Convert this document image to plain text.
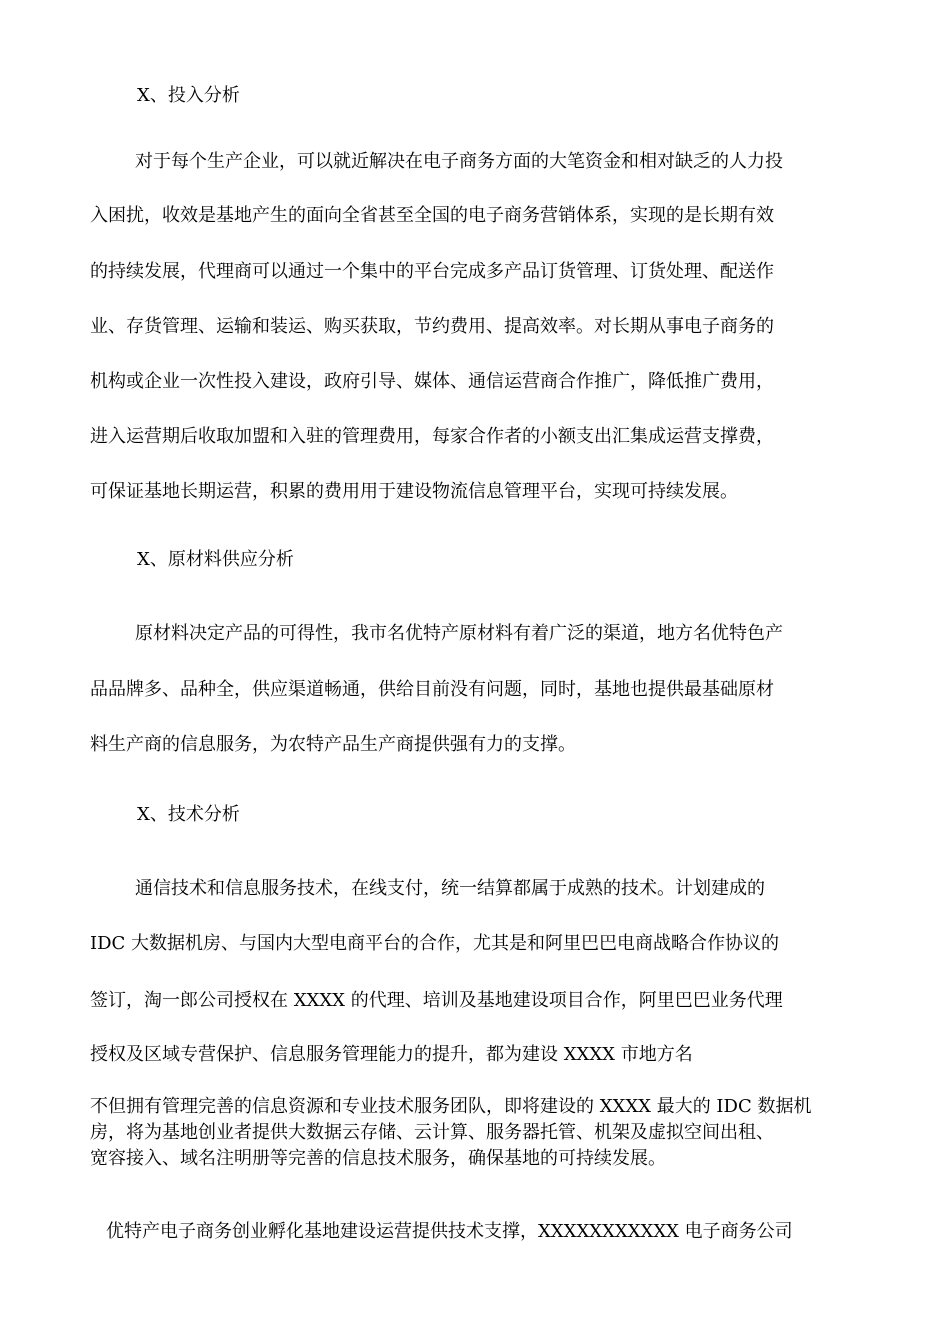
X、投入分析

对于每个生产企业，可以就近解决在电子商务方面的大笔资金和相对缺乏的人力投

入困扰，收效是基地产生的面向全省甚至全国的电子商务营销体系，实现的是长期有效

的持续发展，代理商可以通过一个集中的平台完成多产品订货管理、订货处理、配送作

业、存货管理、运输和装运、购买获取，节约费用、提高效率。对长期从事电子商务的

机构或企业一次性投入建设，政府引导、媒体、通信运营商合作推广，降低推广费用，

进入运营期后收取加盟和入驻的管理费用，每家合作者的小额支出汇集成运营支撑费，

可保证基地长期运营，积累的费用用于建设物流信息管理平台，实现可持续发展。

X、原材料供应分析

原材料决定产品的可得性，我市名优特产原材料有着广泛的渠道，地方名优特色产

品品牌多、品种全，供应渠道畅通，供给目前没有问题，同时，基地也提供最基础原材

料生产商的信息服务，为农特产品生产商提供强有力的支撑。

X、技术分析

通信技术和信息服务技术，在线支付，统一结算都属于成熟的技术。计划建成的

IDC 大数据机房、与国内大型电商平台的合作，尤其是和阿里巴巴电商战略合作协议的

签订，淘一郎公司授权在 XXXX 的代理、培训及基地建设项目合作，阿里巴巴业务代理

授权及区域专营保护、信息服务管理能力的提升，都为建设 XXXX 市地方名

不但拥有管理完善的信息资源和专业技术服务团队，即将建设的 XXXX 最大的 IDC 数据机

房，将为基地创业者提供大数据云存储、云计算、服务器托管、机架及虚拟空间出租、

宽容接入、域名注明册等完善的信息技术服务，确保基地的可持续发展。

优特产电子商务创业孵化基地建设运营提供技术支撑，XXXXXXXXXXX 电子商务公司
